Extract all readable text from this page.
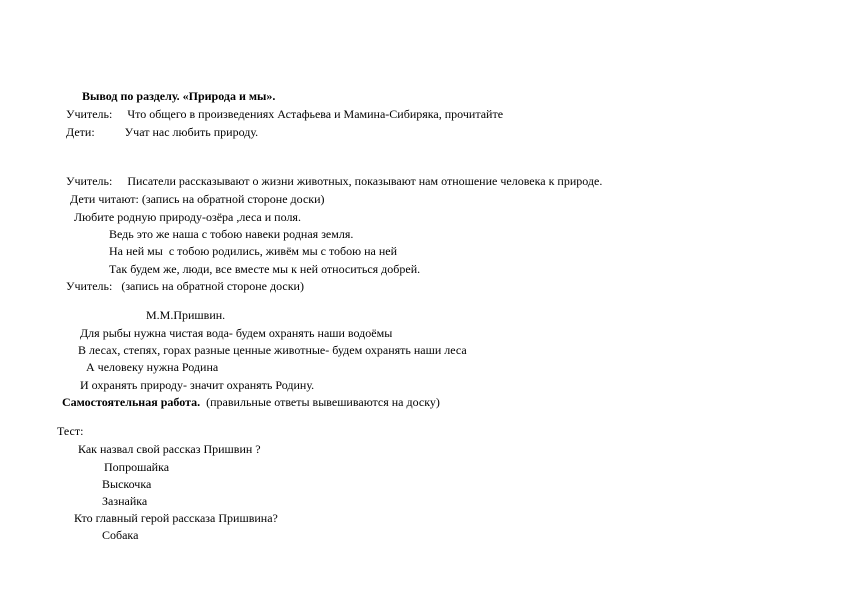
Вывод по разделу. «Природа и мы».
Учитель:     Что общего в произведениях Астафьева и Мамина-Сибиряка, прочитайте
Дети:          Учат нас любить природу.
Учитель:     Писатели рассказывают о жизни животных, показывают нам отношение человека к природе.
Дети читают: (запись на обратной стороне доски)
Любите родную природу-озёра ,леса и поля.
Ведь это же наша с тобою навеки родная земля.
На ней мы  с тобою родились, живём мы с тобою на ней
Так будем же, люди, все вместе мы к ней относиться добрей.
Учитель:   (запись на обратной стороне доски)
М.М.Пришвин.
Для рыбы нужна чистая вода- будем охранять наши водоёмы
В лесах, степях, горах разные ценные животные- будем охранять наши леса
А человеку нужна Родина
И охранять природу- значит охранять Родину.
Самостоятельная работа.  (правильные ответы вывешиваются на доску)
Тест:
Как назвал свой рассказ Пришвин ?
Попрошайка
Выскочка
Зазнайка
Кто главный герой рассказа Пришвина?
Собака
